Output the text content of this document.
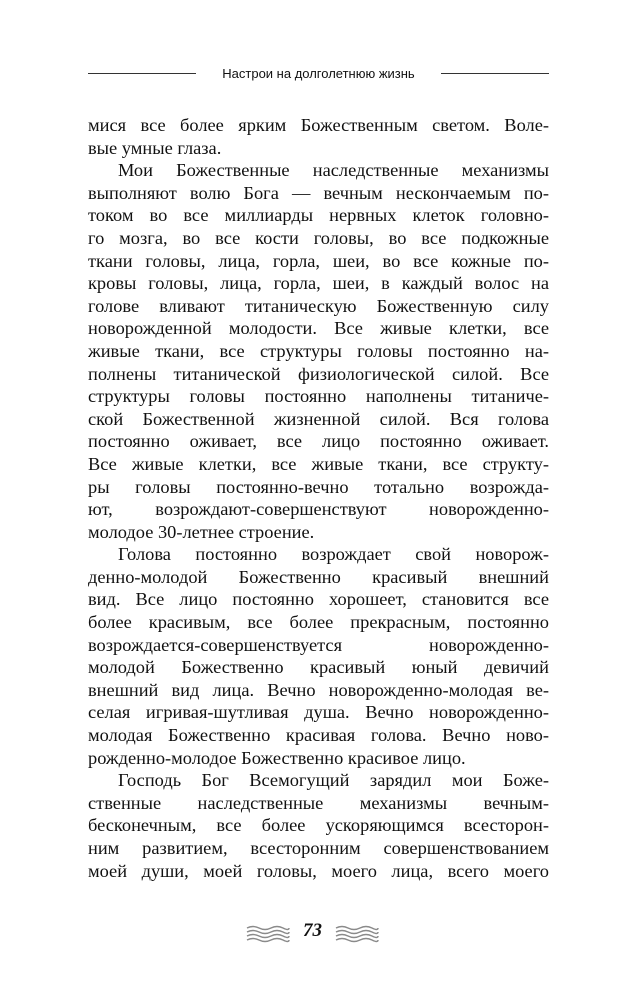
Настрои на долголетнюю жизнь
мися все более ярким Божественным светом. Воле-
вые умные глаза.
Мои Божественные наследственные механизмы
выполняют волю Бога — вечным нескончаемым по-
током во все миллиарды нервных клеток головно-
го мозга, во все кости головы, во все подкожные
ткани головы, лица, горла, шеи, во все кожные по-
кровы головы, лица, горла, шеи, в каждый волос на
голове вливают титаническую Божественную силу
новорожденной молодости. Все живые клетки, все
живые ткани, все структуры головы постоянно на-
полнены титанической физиологической силой. Все
структуры головы постоянно наполнены титаниче-
ской Божественной жизненной силой. Вся голова
постоянно оживает, все лицо постоянно оживает.
Все живые клетки, все живые ткани, все структу-
ры головы постоянно-вечно тотально возрожда-
ют, возрождают-совершенствуют новорожденно-
молодое 30-летнее строение.
Голова постоянно возрождает свой новорож-
денно-молодой Божественно красивый внешний
вид. Все лицо постоянно хорошеет, становится все
более красивым, все более прекрасным, постоянно
возрождается-совершенствуется новорожденно-
молодой Божественно красивый юный девичий
внешний вид лица. Вечно новорожденно-молодая ве-
селая игривая-шутливая душа. Вечно новорожденно-
молодая Божественно красивая голова. Вечно ново-
рожденно-молодое Божественно красивое лицо.
Господь Бог Всемогущий зарядил мои Боже-
ственные наследственные механизмы вечным-
бесконечным, все более ускоряющимся всесторон-
ним развитием, всесторонним совершенствованием
моей души, моей головы, моего лица, всего моего
73
